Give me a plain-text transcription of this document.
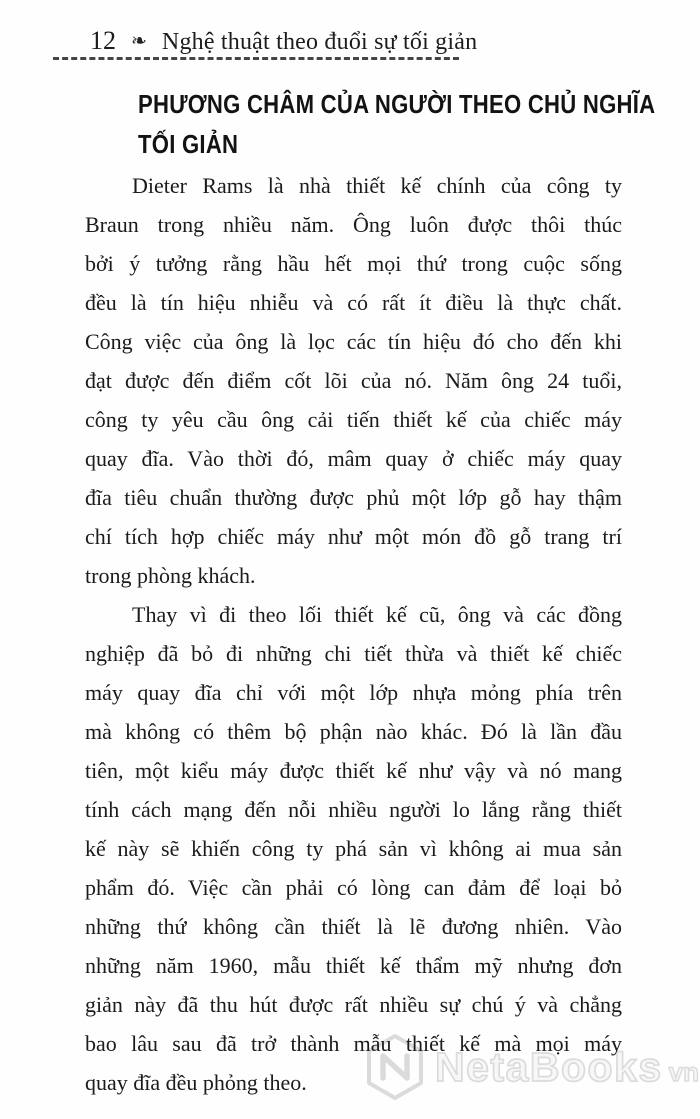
12 ❧ Nghệ thuật theo đuổi sự tối giản
PHƯƠNG CHÂM CỦA NGƯỜI THEO CHỦ NGHĨA
TỐI GIẢN
Dieter Rams là nhà thiết kế chính của công ty
Braun trong nhiều năm. Ông luôn được thôi thúc
bởi ý tưởng rằng hầu hết mọi thứ trong cuộc sống
đều là tín hiệu nhiễu và có rất ít điều là thực chất.
Công việc của ông là lọc các tín hiệu đó cho đến khi
đạt được đến điểm cốt lõi của nó. Năm ông 24 tuổi,
công ty yêu cầu ông cải tiến thiết kế của chiếc máy
quay đĩa. Vào thời đó, mâm quay ở chiếc máy quay
đĩa tiêu chuẩn thường được phủ một lớp gỗ hay thậm
chí tích hợp chiếc máy như một món đồ gỗ trang trí
trong phòng khách.
Thay vì đi theo lối thiết kế cũ, ông và các đồng
nghiệp đã bỏ đi những chi tiết thừa và thiết kế chiếc
máy quay đĩa chỉ với một lớp nhựa mỏng phía trên
mà không có thêm bộ phận nào khác. Đó là lần đầu
tiên, một kiểu máy được thiết kế như vậy và nó mang
tính cách mạng đến nỗi nhiều người lo lắng rằng thiết
kế này sẽ khiến công ty phá sản vì không ai mua sản
phẩm đó. Việc cần phải có lòng can đảm để loại bỏ
những thứ không cần thiết là lẽ đương nhiên. Vào
những năm 1960, mẫu thiết kế thẩm mỹ nhưng đơn
giản này đã thu hút được rất nhiều sự chú ý và chẳng
bao lâu sau đã trở thành mẫu thiết kế mà mọi máy
quay đĩa đều phỏng theo.	NetaBooks vn
